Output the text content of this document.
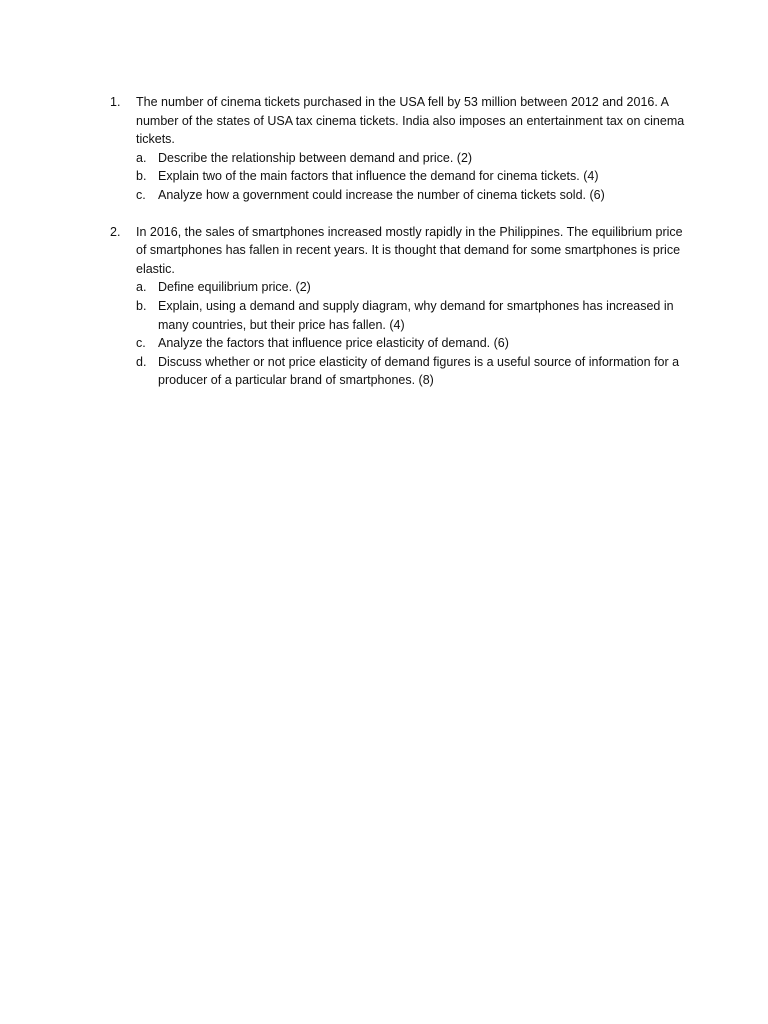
1. The number of cinema tickets purchased in the USA fell by 53 million between 2012 and 2016. A number of the states of USA tax cinema tickets. India also imposes an entertainment tax on cinema tickets.
a. Describe the relationship between demand and price. (2)
b. Explain two of the main factors that influence the demand for cinema tickets. (4)
c. Analyze how a government could increase the number of cinema tickets sold. (6)
2. In 2016, the sales of smartphones increased mostly rapidly in the Philippines. The equilibrium price of smartphones has fallen in recent years. It is thought that demand for some smartphones is price elastic.
a. Define equilibrium price. (2)
b. Explain, using a demand and supply diagram, why demand for smartphones has increased in many countries, but their price has fallen. (4)
c. Analyze the factors that influence price elasticity of demand. (6)
d. Discuss whether or not price elasticity of demand figures is a useful source of information for a producer of a particular brand of smartphones. (8)
